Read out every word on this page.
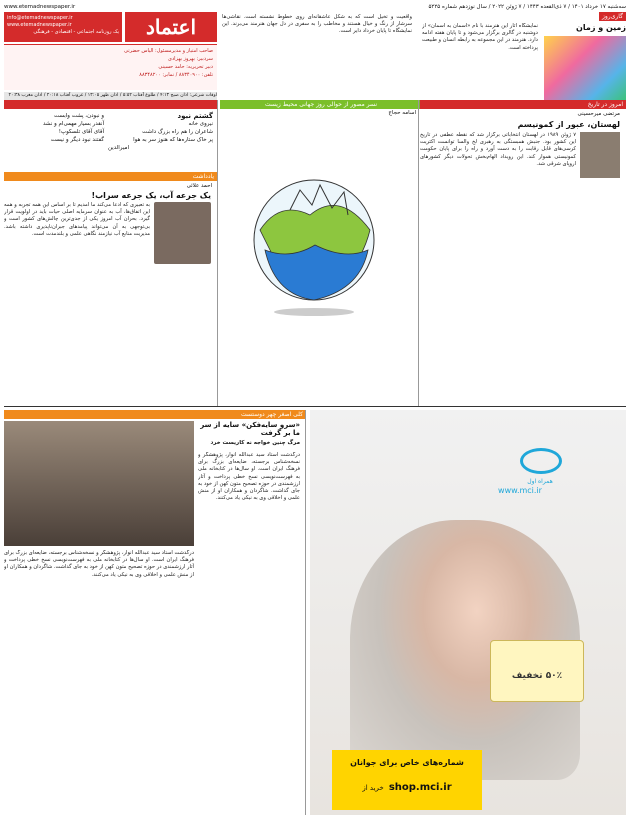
سه‌شنبه ۱۷ خرداد ۱۴۰۱ / ۷ ذی‌القعده ۱۴۴۳ / ۷ ژوئن ۲۰۲۲ / سال نوزدهم شماره ۵۲۲۵
www.etemadnewspaper.ir
اعتماد
info@etemadnewspaper.ir
www.etemadnewspaper.ir
یک روزنامه اجتماعی - اقتصادی - فرهنگی
صاحب امتیاز و مدیرمسئول: الیاس حضرتی
سردبیر: بهروز بهزادی
دبیر تحریریه: حامد حسینی
تلفن: ۸۸۳۴۰۹۰۰ / نمابر: ۸۸۳۴۸۲۰۰
واقعیت و تخیل است که به شکل عاشقانه‌ای روی خطوط نشسته است. نقاشی‌ها سرشار از رنگ و خیال هستند و مخاطب را به سفری در دل جهان هنرمند می‌برند. این نمایشگاه تا پایان خرداد دایر است.
گاری‌روز
زمین و زمان
نمایشگاه آثار این هنرمند با نام «آسمان به آسمان» از دوشنبه در گالری برگزار می‌شود و تا پایان هفته ادامه دارد. هنرمند در این مجموعه به رابطه انسان و طبیعت پرداخته است.
اوقات شرعی: اذان صبح ۴:۱۳ / طلوع آفتاب ۵:۵۲ / اذان ظهر ۱۳:۰۵ / غروب آفتاب ۲۰:۱۸ / اذان مغرب ۲۰:۳۸

و نبودن، پشت وابست
آنقدر بسیار مهمی‌ام و نشد
آقای آقای تلسکوپ!
گفتند نبود دیگر و نیست
گشتم نبود
نیروی خانه
شاعران را هم راه بزرگ داشت
پر خاک ستاره‌ها که هنوز سر به هوا
امیرالدین
یادداشت
احمد علائی
یک جرعه آب، یک جرعه سراب!
به تعبیری که ادعا می‌کند ما آمدیم تا بر اساس این همه تجربه و همه این اتفاق‌ها، آب به عنوان سرمایه اصلی حیات باید در اولویت قرار گیرد. بحران آب امروز یکی از جدی‌ترین چالش‌های کشور است و بی‌توجهی به آن می‌تواند پیامدهای جبران‌ناپذیری داشته باشد. مدیریت منابع آب نیازمند نگاهی علمی و بلندمدت است.
نسر مصور از حوالی روز جهانی محیط زیست
اسامه حجاج
امروز در تاریخ
مرتضی میرحسینی
لهستان، عبور از کمونیسم
۷ ژوئن ۱۹۸۹ در لهستان انتخاباتی برگزار شد که نقطه عطفی در تاریخ این کشور بود. جنبش همبستگی به رهبری لخ والسا توانست اکثریت کرسی‌های قابل رقابت را به دست آورد و راه را برای پایان حکومت کمونیستی هموار کند. این رویداد الهام‌بخش تحولات دیگر کشورهای اروپای شرقی شد.
کلی اصغر چهر دوستست
«سرو سایه‌فکن» سایه از سر ما بر گرفت
مرگ چنین خواجه نه کاریست خرد
درگذشت استاد سید عبدالله انوار، پژوهشگر و نسخه‌شناس برجسته، ضایعه‌ای بزرگ برای فرهنگ ایران است. او سال‌ها در کتابخانه ملی به فهرست‌نویسی نسخ خطی پرداخت و آثار ارزشمندی در حوزه تصحیح متون کهن از خود به جای گذاشت. شاگردان و همکاران او از منش علمی و اخلاقی وی به نیکی یاد می‌کنند.
درگذشت استاد سید عبدالله انوار، پژوهشگر و نسخه‌شناس برجسته، ضایعه‌ای بزرگ برای فرهنگ ایران است. او سال‌ها در کتابخانه ملی به فهرست‌نویسی نسخ خطی پرداخت و آثار ارزشمندی در حوزه تصحیح متون کهن از خود به جای گذاشت. شاگردان و همکاران او از منش علمی و اخلاقی وی به نیکی یاد می‌کنند.
همراه اول
www.mci.ir
۵۰٪ تخفیف
شماره‌های خاص برای جوانان
shop.mci.ir خرید از
